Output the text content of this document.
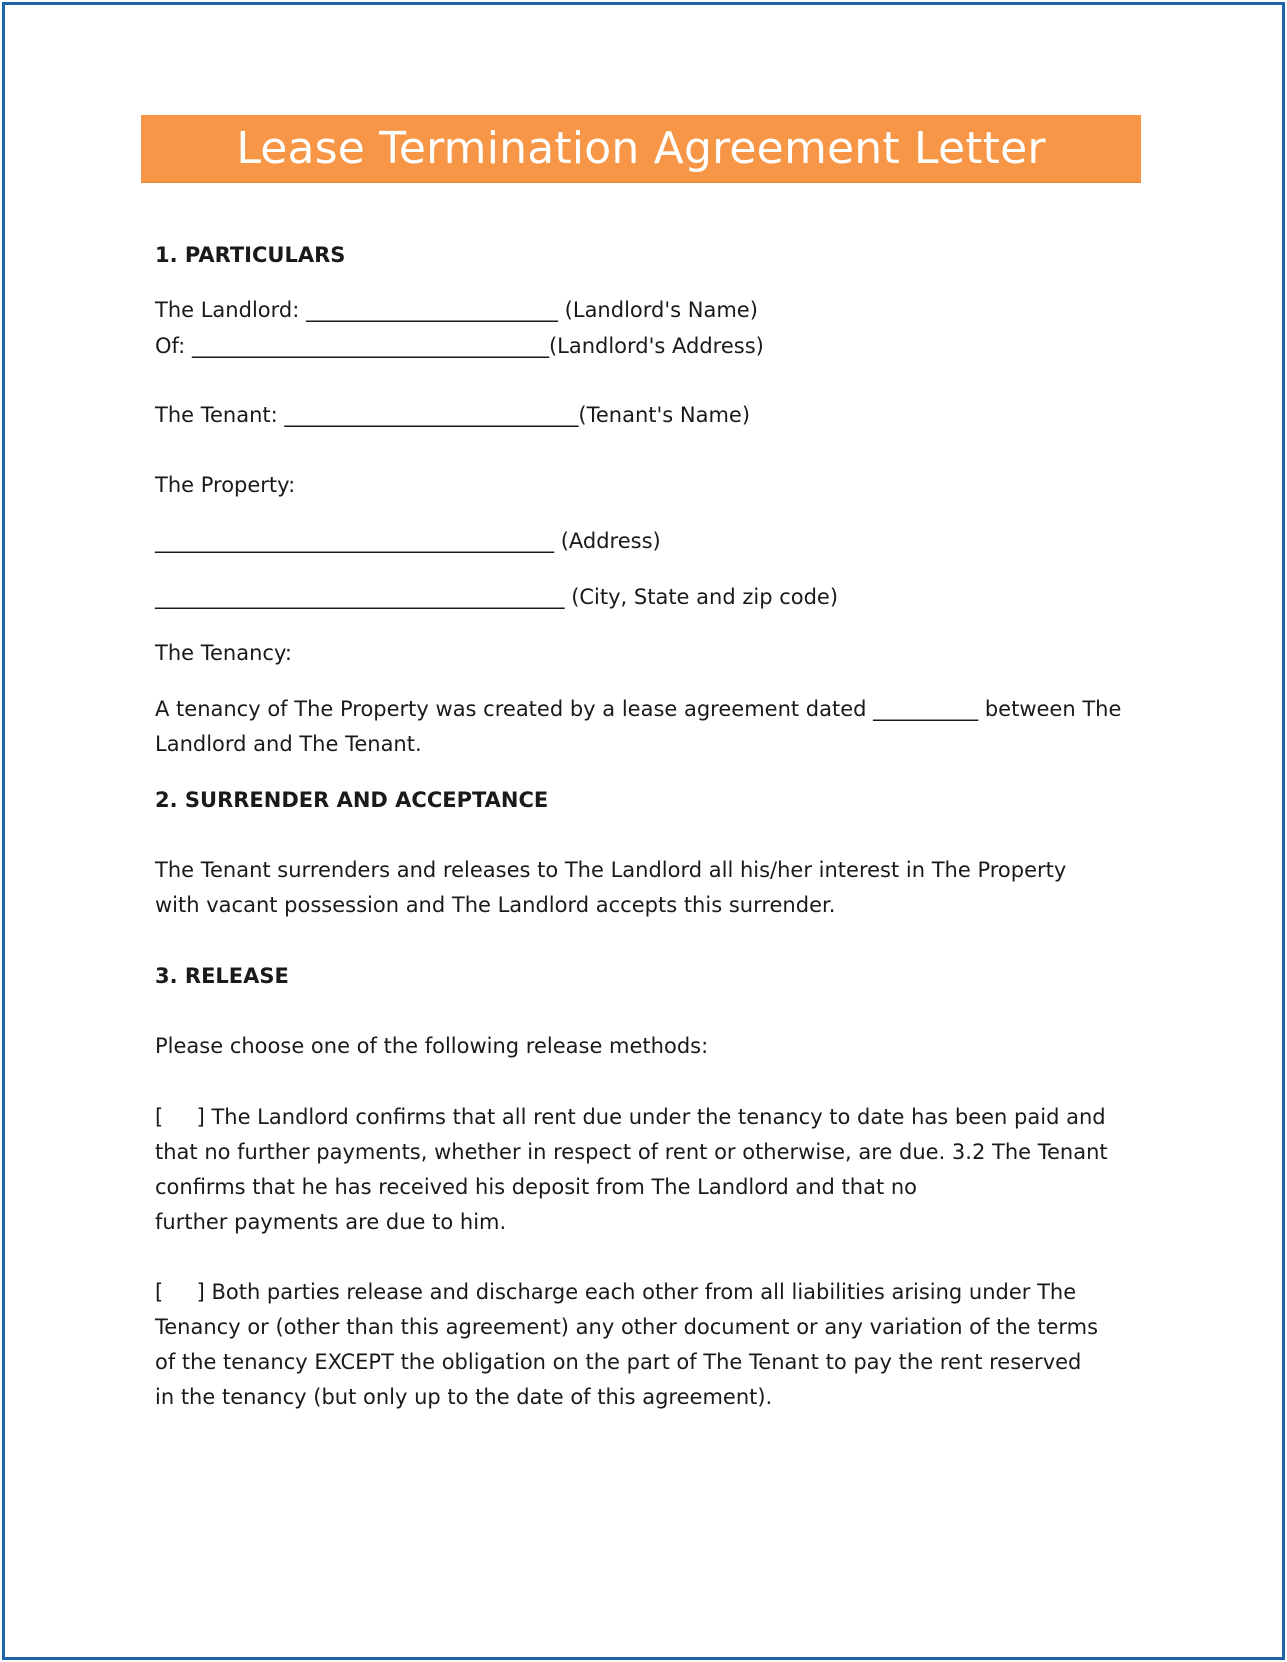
Lease Termination Agreement Letter
1. PARTICULARS
The Landlord: ________________________ (Landlord's Name)
Of: __________________________________(Landlord's Address)
The Tenant: ____________________________(Tenant's Name)
The Property:
______________________________________ (Address)
_______________________________________ (City, State and zip code)
The Tenancy:
A tenancy of The Property was created by a lease agreement dated __________ between The
Landlord and The Tenant.
2. SURRENDER AND ACCEPTANCE
The Tenant surrenders and releases to The Landlord all his/her interest in The Property
with vacant possession and The Landlord accepts this surrender.
3. RELEASE
Please choose one of the following release methods:
[     ] The Landlord confirms that all rent due under the tenancy to date has been paid and
that no further payments, whether in respect of rent or otherwise, are due. 3.2 The Tenant
confirms that he has received his deposit from The Landlord and that no
further payments are due to him.
[     ] Both parties release and discharge each other from all liabilities arising under The
Tenancy or (other than this agreement) any other document or any variation of the terms
of the tenancy EXCEPT the obligation on the part of The Tenant to pay the rent reserved
in the tenancy (but only up to the date of this agreement).
